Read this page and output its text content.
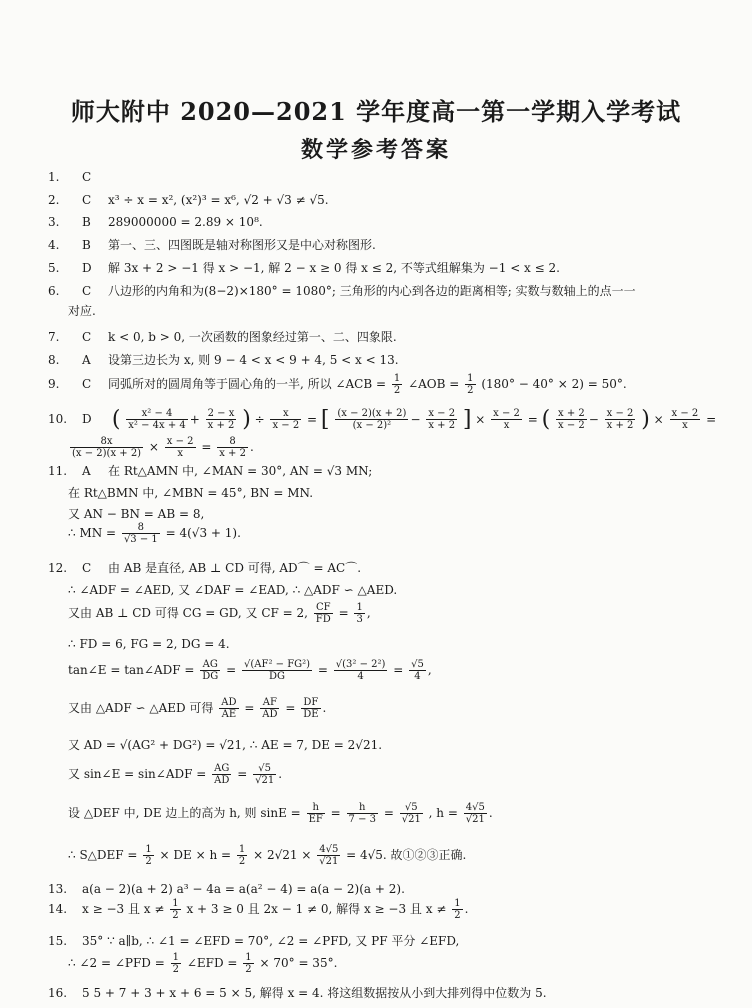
师大附中 2020—2021 学年度高一第一学期入学考试
数学参考答案
1. C
2. C x³ ÷ x = x², (x²)³ = x⁶, √2 + √3 ≠ √5.
3. B 289000000 = 2.89 × 10⁸.
4. B 第一、三、四图既是轴对称图形又是中心对称图形.
5. D 解 3x + 2 > −1 得 x > −1, 解 2 − x ≥ 0 得 x ≤ 2, 不等式组解集为 −1 < x ≤ 2.
6. C 八边形的内角和为(8−2)×180° = 1080°; 三角形的内心到各边的距离相等; 实数与数轴上的点一一
对应.
7. C k < 0, b > 0, 一次函数的图象经过第一、二、四象限.
8. A 设第三边长为 x, 则 9 − 4 < x < 9 + 4, 5 < x < 13.
9. C 同弧所对的圆周角等于圆心角的一半, 所以 ∠ACB = $\frac{1}{2}$ ∠AOB = $\frac{1}{2} (180^\circ - 40^\circ \times 2) = 50^\circ$.
10. D ( $\frac{\text{x² − 4}}{\text{x² − 4x + 4}} + \frac{2 - x}{x + 2}$ ) ÷ $\frac{x}{x - 2}$ = [ $\frac{(x - 2)(x + 2)}{\text{(x − 2)²}} - \frac{x - 2}{x + 2}$ ] × $\frac{x - 2}{x}$ = ( $\frac{x + 2}{x - 2} - \frac{x - 2}{x + 2}$ ) × $\frac{x - 2}{x}$ =
$\frac{8x}{(x - 2)(x + 2)} \times \frac{x - 2}{x} = \frac{8}{x + 2}$ .
11. A 在 Rt△AMN 中, ∠MAN = 30°, AN = √3 MN;
在 Rt△BMN 中, ∠MBN = 45°, BN = MN.
又 AN − BN = AB = 8,
∴ MN = $\frac{8}{√3 - 1} = 4(√3 + 1)$.
12. C 由 AB 是直径, AB ⊥ CD 可得, AD⌒ = AC⌒.
∴ ∠ADF = ∠AED, 又 ∠DAF = ∠EAD, ∴ △ADF ∽ △AED.
又由 AB ⊥ CD 可得 CG = GD, 又 CF = 2, $\frac{CF}{FD} = \frac{1}{3}$ ,
∴ FD = 6, FG = 2, DG = 4.
tan∠E = tan∠ADF = $\frac{AG}{DG} = \frac{\text{√(AF² − FG²)}}{DG} = \frac{\text{√(3² − 2²)}}{4} = \frac{√5}{4}$ ,
又由 △ADF ∽ △AED 可得 $\frac{AD}{AE} = \frac{AF}{AD} = \frac{DF}{DE}$ .
又 AD = √(AG² + DG²) = √21, ∴ AE = 7, DE = 2√21.
又 sin∠E = sin∠ADF = $\frac{AG}{AD} = \frac{√5}{√21}$ .
设 △DEF 中, DE 边上的高为 h, 则 $\sin E = \frac{h}{EF} = \frac{h}{7 - 3} = \frac{√5}{√21}$ , $h = \frac{4√5}{√21}$ .
∴ S△DEF = $\frac{1}{2}$ × DE × $h = \frac{1}{2} \times 2√21 \times \frac{4√5}{√21} = 4√5$. 故①②③正确.
13. a(a − 2)(a + 2) a³ − 4a = a(a² − 4) = a(a − 2)(a + 2).
14. x ≥ −3 且 $x \ne \frac{1}{2}$ x + 3 ≥ 0 且 2x − 1 ≠ 0, 解得 x ≥ −3 且 $x \ne \frac{1}{2}$ .
15. 35° ∵ a∥b, ∴ ∠1 = ∠EFD = 70°, ∠2 = ∠PFD, 又 PF 平分 ∠EFD,
∴ ∠2 = ∠PFD = $\frac{1}{2}$ ∠EFD = $\frac{1}{2} \times 70^\circ = 35^\circ$.
16. 5 5 + 7 + 3 + x + 6 = 5 × 5, 解得 x = 4. 将这组数据按从小到大排列得中位数为 5.
